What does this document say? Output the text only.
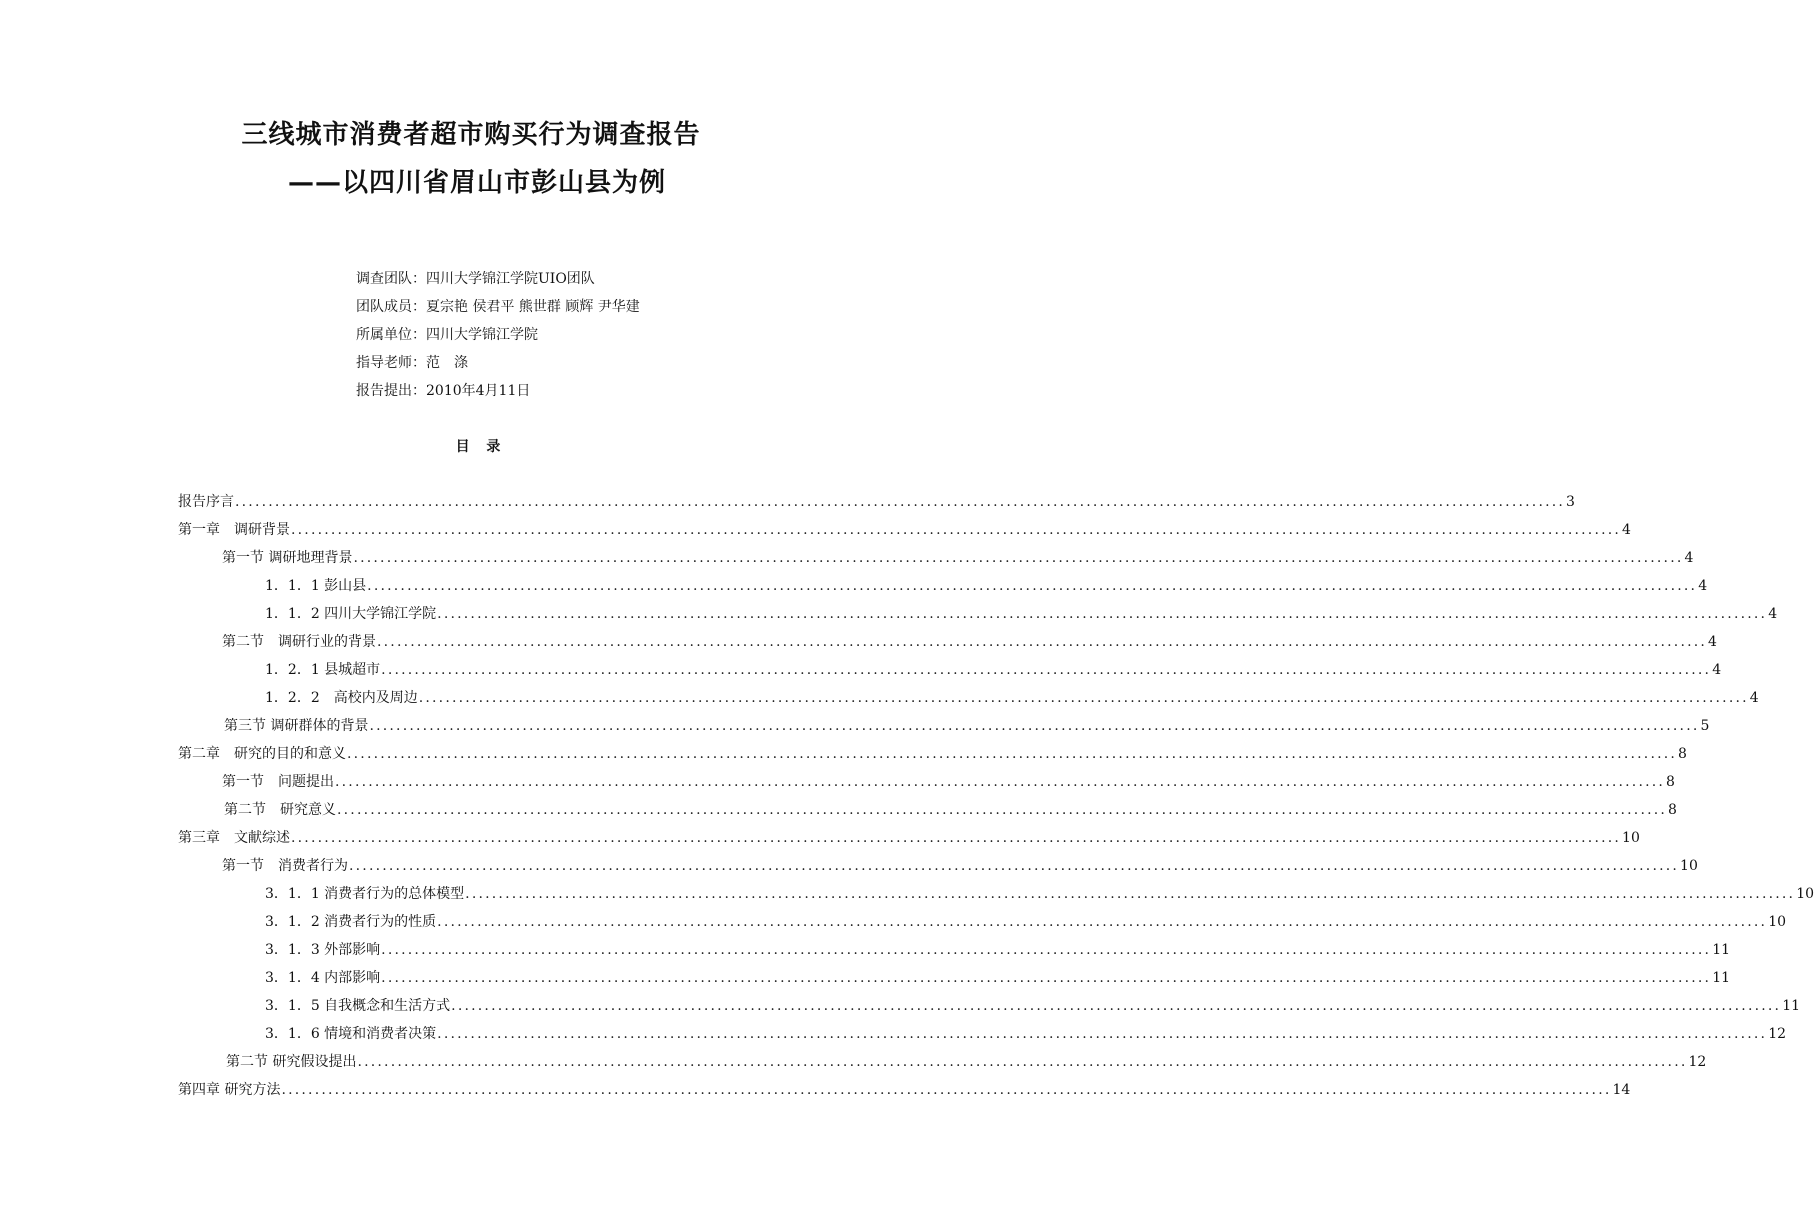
三线城市消费者超市购买行为调查报告
——以四川省眉山市彭山县为例
调查团队：四川大学锦江学院UIO团队
团队成员：夏宗艳 侯君平 熊世群 顾辉 尹华建
所属单位：四川大学锦江学院
指导老师：范　涤
报告提出：2010年4月11日
目 录
报告序言 ........................................................................................................................................................................................................ 3
第一章　调研背景 ........................................................................................................................................................................................................ 4
第一节 调研地理背景 ........................................................................................................................................................................................................ 4
1．1．1 彭山县 ........................................................................................................................................................................................................ 4
1．1．2 四川大学锦江学院 ........................................................................................................................................................................................................ 4
第二节　调研行业的背景 ........................................................................................................................................................................................................ 4
1．2．1 县城超市 ........................................................................................................................................................................................................ 4
1．2．2　高校内及周边 ........................................................................................................................................................................................................ 4
第三节 调研群体的背景 ........................................................................................................................................................................................................ 5
第二章　研究的目的和意义 ........................................................................................................................................................................................................ 8
第一节　问题提出 ........................................................................................................................................................................................................ 8
第二节　研究意义 ........................................................................................................................................................................................................ 8
第三章　文献综述 ........................................................................................................................................................................................................ 10
第一节　消费者行为 ........................................................................................................................................................................................................ 10
3．1．1 消费者行为的总体模型 ........................................................................................................................................................................................................ 10
3．1．2 消费者行为的性质 ........................................................................................................................................................................................................ 10
3．1．3 外部影响 ........................................................................................................................................................................................................ 11
3．1．4 内部影响 ........................................................................................................................................................................................................ 11
3．1．5 自我概念和生活方式 ........................................................................................................................................................................................................ 11
3．1．6 情境和消费者决策 ........................................................................................................................................................................................................ 12
第二节 研究假设提出 ........................................................................................................................................................................................................ 12
第四章 研究方法 ........................................................................................................................................................................................................ 14
